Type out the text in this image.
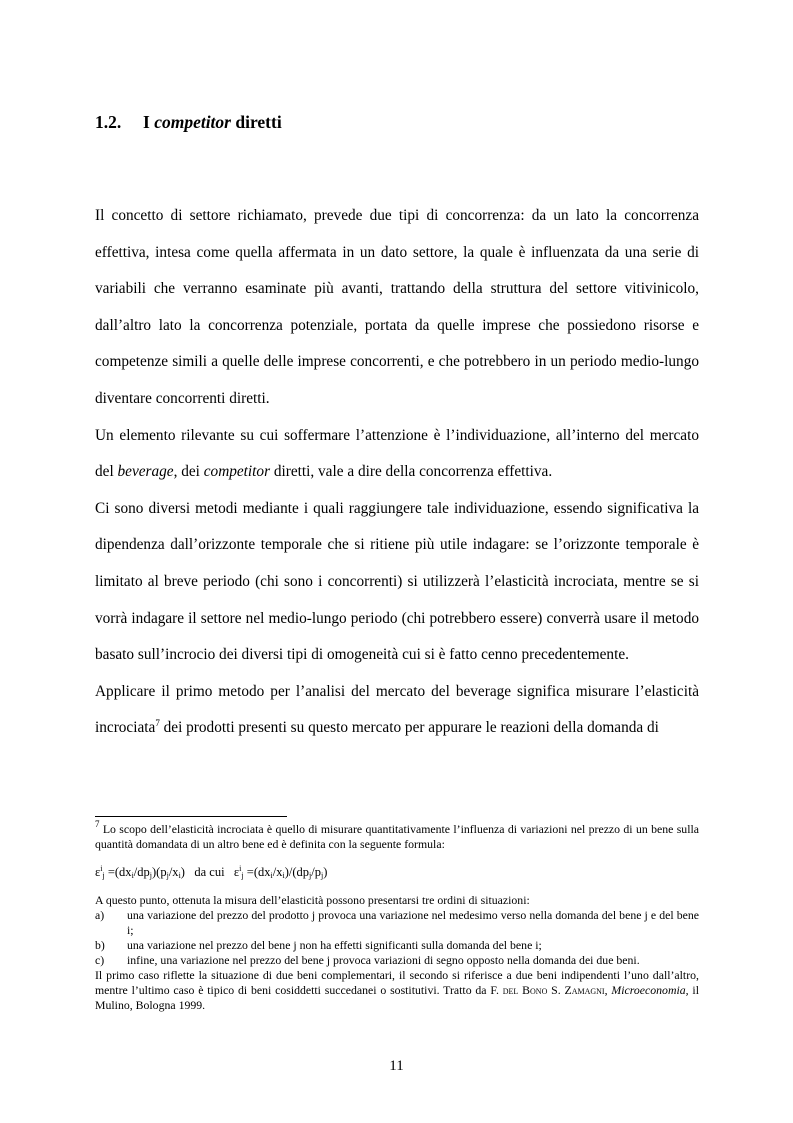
1.2. I competitor diretti

Il concetto di settore richiamato, prevede due tipi di concorrenza: da un lato la concorrenza effettiva, intesa come quella affermata in un dato settore, la quale è influenzata da una serie di variabili che verranno esaminate più avanti, trattando della struttura del settore vitivinicolo, dall’altro lato la concorrenza potenziale, portata da quelle imprese che possiedono risorse e competenze simili a quelle delle imprese concorrenti, e che potrebbero in un periodo medio-lungo diventare concorrenti diretti.

Un elemento rilevante su cui soffermare l’attenzione è l’individuazione, all’interno del mercato del beverage, dei competitor diretti, vale a dire della concorrenza effettiva.

Ci sono diversi metodi mediante i quali raggiungere tale individuazione, essendo significativa la dipendenza dall’orizzonte temporale che si ritiene più utile indagare: se l’orizzonte temporale è limitato al breve periodo (chi sono i concorrenti) si utilizzerà l’elasticità incrociata, mentre se si vorrà indagare il settore nel medio-lungo periodo (chi potrebbero essere) converrà usare il metodo basato sull’incrocio dei diversi tipi di omogeneità cui si è fatto cenno precedentemente.

Applicare il primo metodo per l’analisi del mercato del beverage significa misurare l’elasticità incrociata$^7$ dei prodotti presenti su questo mercato per appurare le reazioni della domanda di

$^7$ Lo scopo dell’elasticità incrociata è quello di misurare quantitativamente l’influenza di variazioni nel prezzo di un bene sulla quantità domandata di un altro bene ed è definita con la seguente formula:

$\varepsilon^i_j =(dx_i/dp_j)(p_j/x_i)$ da cui $\varepsilon^i_j =(dx_i/x_i)/(dp_j/p_j)$

A questo punto, ottenuta la misura dell’elasticità possono presentarsi tre ordini di situazioni:

a)	una variazione del prezzo del prodotto j provoca una variazione nel medesimo verso nella domanda del bene j e del bene i;
b)	una variazione nel prezzo del bene j non ha effetti significanti sulla domanda del bene i;
c)	infine, una variazione nel prezzo del bene j provoca variazioni di segno opposto nella domanda dei due beni.

Il primo caso riflette la situazione di due beni complementari, il secondo si riferisce a due beni indipendenti l’uno dall’altro, mentre l’ultimo caso è tipico di beni cosiddetti succedanei o sostitutivi. Tratto da F. del Bono S. Zamagni, Microeconomia, il Mulino, Bologna 1999.

11
